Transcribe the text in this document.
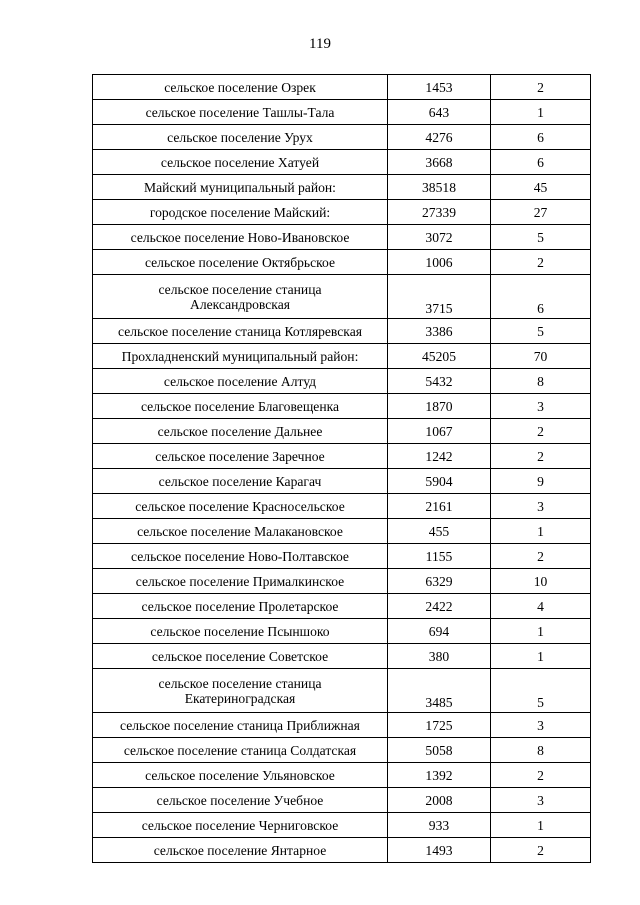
119
сельское поселение Озрек	1453	2
сельское поселение Ташлы-Тала	643	1
сельское поселение Урух	4276	6
сельское поселение Хатуей	3668	6
Майский муниципальный район:	38518	45
городское поселение Майский:	27339	27
сельское поселение Ново-Ивановское	3072	5
сельское поселение Октябрьское	1006	2

сельское поселение станица
Александровская	3715	6
сельское поселение станица Котляревская	3386	5
Прохладненский муниципальный район:	45205	70
сельское поселение Алтуд	5432	8
сельское поселение Благовещенка	1870	3
сельское поселение Дальнее	1067	2
сельское поселение Заречное	1242	2
сельское поселение Карагач	5904	9
сельское поселение Красносельское	2161	3
сельское поселение Малакановское	455	1
сельское поселение Ново-Полтавское	1155	2
сельское поселение Прималкинское	6329	10
сельское поселение Пролетарское	2422	4
сельское поселение Псыншоко	694	1
сельское поселение Советское	380	1

сельское поселение станица
Екатериноградская	3485	5
сельское поселение станица Приближная	1725	3
сельское поселение станица Солдатская	5058	8
сельское поселение Ульяновское	1392	2
сельское поселение Учебное	2008	3
сельское поселение Черниговское	933	1
сельское поселение Янтарное	1493	2
